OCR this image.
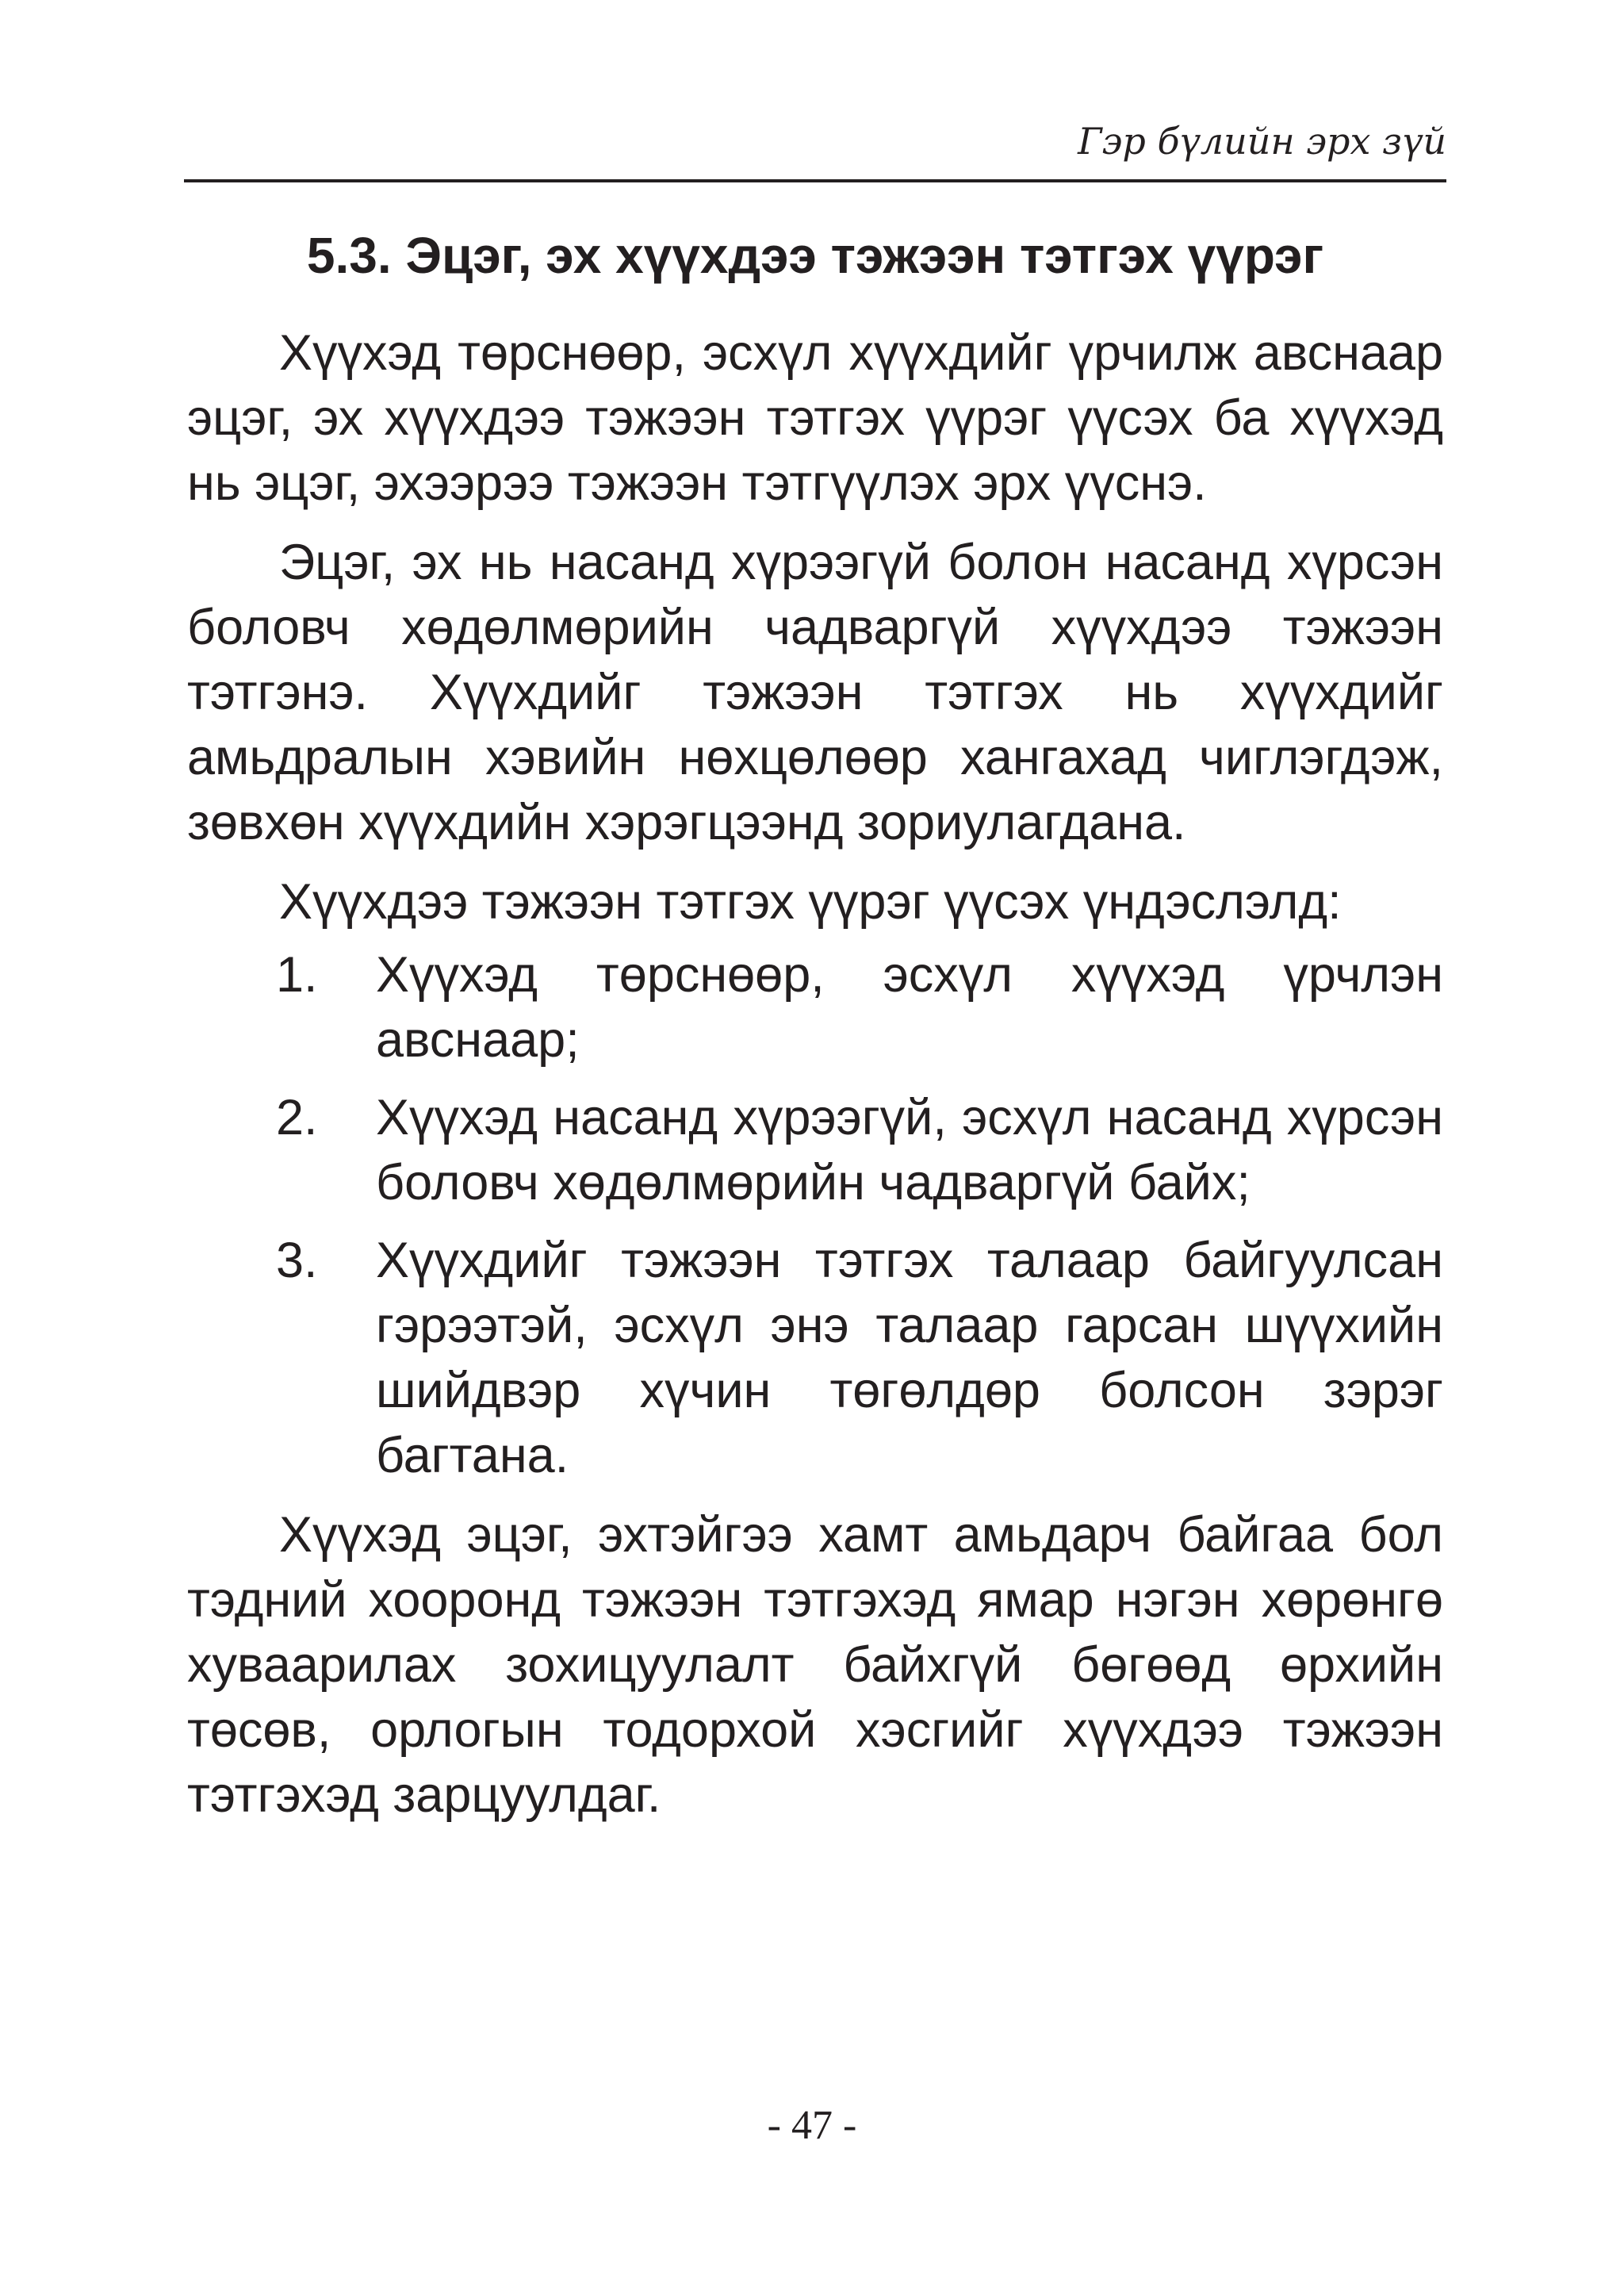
Гэр бүлийн эрх зүй
5.3. Эцэг, эх хүүхдээ тэжээн тэтгэх үүрэг

Хүүхэд төрснөөр, эсхүл хүүхдийг үрчилж авснаар эцэг, эх хүүхдээ тэжээн тэтгэх үүрэг үүсэх ба хүүхэд нь эцэг, эхээрээ тэжээн тэтгүүлэх эрх үүснэ.

Эцэг, эх нь насанд хүрээгүй болон насанд хүрсэн боловч хөдөлмөрийн чадваргүй хүүхдээ тэжээн тэтгэнэ. Хүүхдийг тэжээн тэтгэх нь хүүхдийг амьдралын хэвийн нөхцөлөөр хангахад чиглэгдэж, зөвхөн хүүхдийн хэрэгцээнд зориулагдана.

Хүүхдээ тэжээн тэтгэх үүрэг үүсэх үндэслэлд:

1. Хүүхэд төрснөөр, эсхүл хүүхэд үрчлэн авснаар;
2. Хүүхэд насанд хүрээгүй, эсхүл насанд хүрсэн боловч хөдөлмөрийн чадваргүй байх;
3. Хүүхдийг тэжээн тэтгэх талаар байгуулсан гэрээтэй, эсхүл энэ талаар гарсан шүүхийн шийдвэр хүчин төгөлдөр болсон зэрэг багтана.

Хүүхэд эцэг, эхтэйгээ хамт амьдарч байгаа бол тэдний хооронд тэжээн тэтгэхэд ямар нэгэн хөрөнгө хуваарилах зохицуулалт байхгүй бөгөөд өрхийн төсөв, орлогын тодорхой хэсгийг хүүхдээ тэжээн тэтгэхэд зарцуулдаг.

- 47 -
